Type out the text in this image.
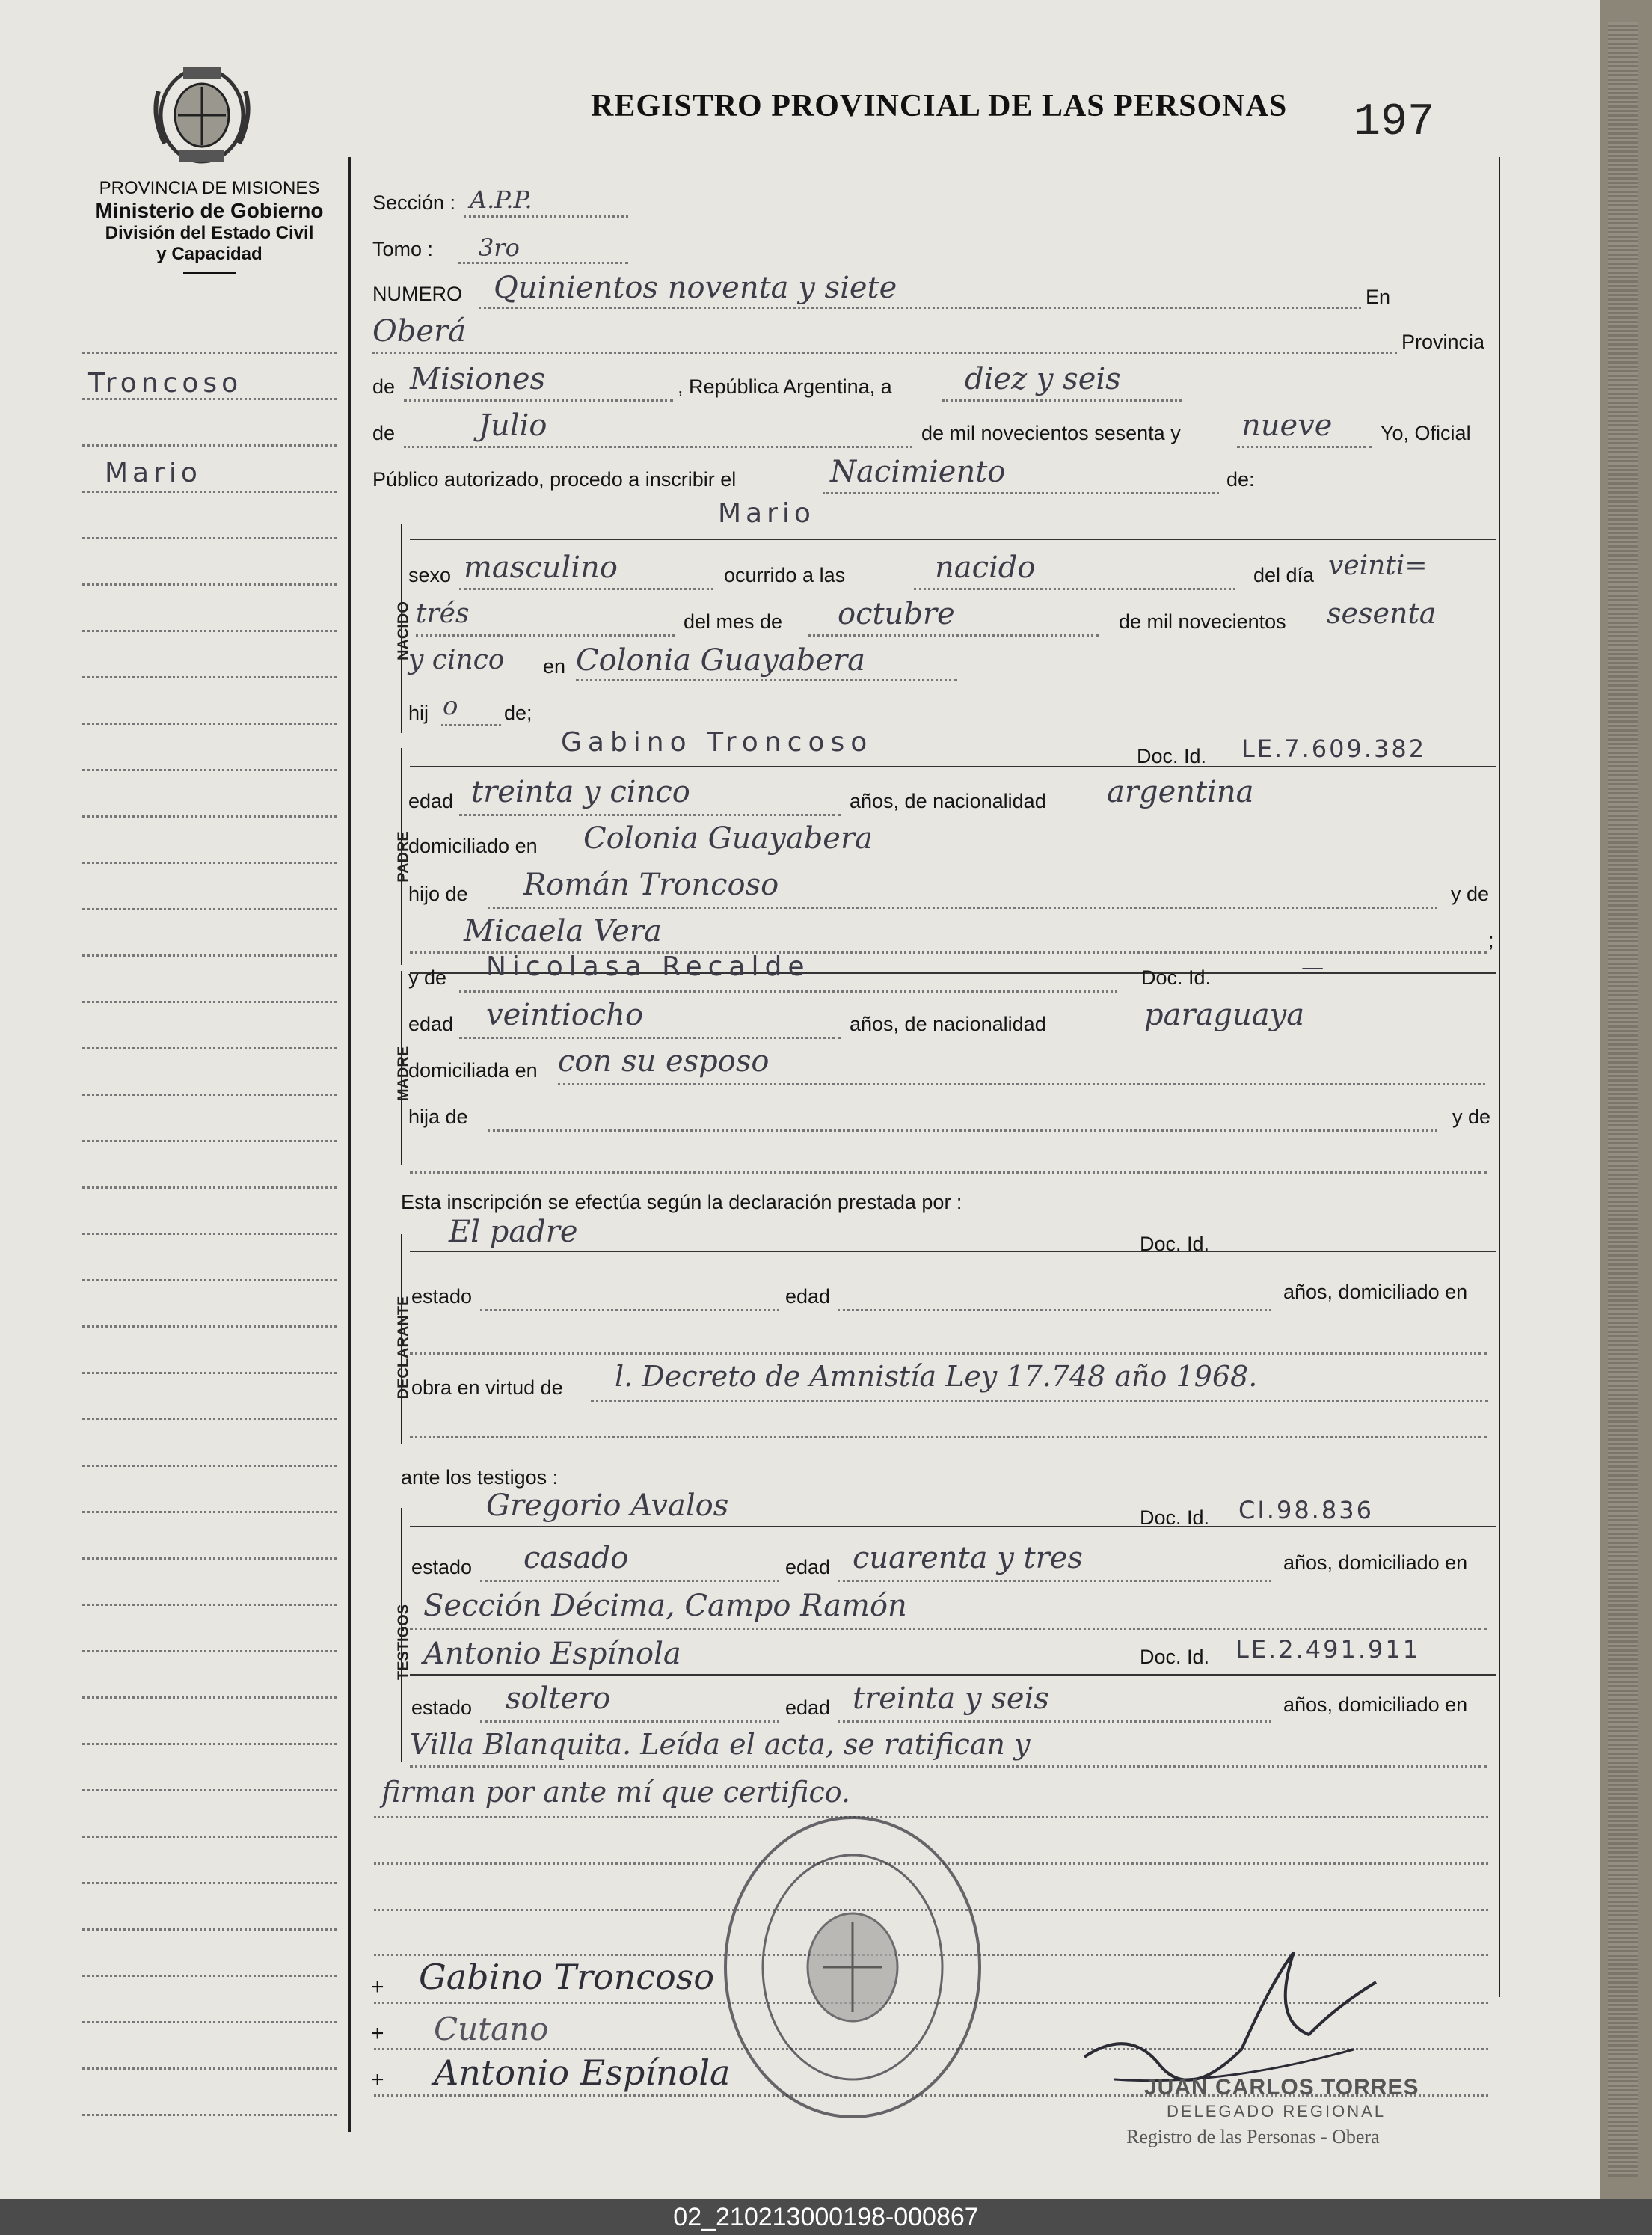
PROVINCIA DE MISIONES
Ministerio de Gobierno
División del Estado Civil
y Capacidad
REGISTRO PROVINCIAL DE LAS PERSONAS 197
Troncoso
Mario
Sección : A.P.P.
Tomo : 3ro
NUMERO Quinientos noventa y siete	En
Oberá	Provincia
de Misiones	, República Argentina, a diez y seis
de	Julio	de mil novecientos sesenta y nueve Yo, Oficial
Público autorizado, procedo a inscribir el	Nacimiento	de:
NACIDO
Mario
sexo masculino	ocurrido a las	nacido	del día veinti=
trés	del mes de octubre	de mil novecientos sesenta
y cinco en Colonia Guayabera
hij o de;
PADRE
Gabino Troncoso	Doc. Id. LE.7.609.382
edad treinta y cinco	años, de nacionalidad argentina
domiciliado en Colonia Guayabera
hijo de Román Troncoso	y de
Micaela Vera	;
MADRE
y de Nicolasa Recalde	Doc. Id.	—
edad veintiocho	años, de nacionalidad	paraguaya
domiciliada en con su esposo
hija de	y de
Esta inscripción se efectúa según la declaración prestada por :
DECLARANTE
El padre	Doc. Id.
estado	edad	años, domiciliado en
obra en virtud de l. Decreto de Amnistía Ley 17.748 año 1968.
ante los testigos :
TESTIGOS
Gregorio Avalos	Doc. Id. CI.98.836
estado casado	edad cuarenta y tres	años, domiciliado en
Sección Décima, Campo Ramón
Antonio Espínola	Doc. Id. LE.2.491.911
estado soltero	edad treinta y seis	años, domiciliado en
Villa Blanquita. Leída el acta, se ratifican y
firman por ante mí que certifico.
+
+
+
Gabino Troncoso
Cutano
Antonio Espínola	JUAN CARLOS TORRES
DELEGADO REGIONAL
Registro de las Personas - Obera
02_210213000198-000867
